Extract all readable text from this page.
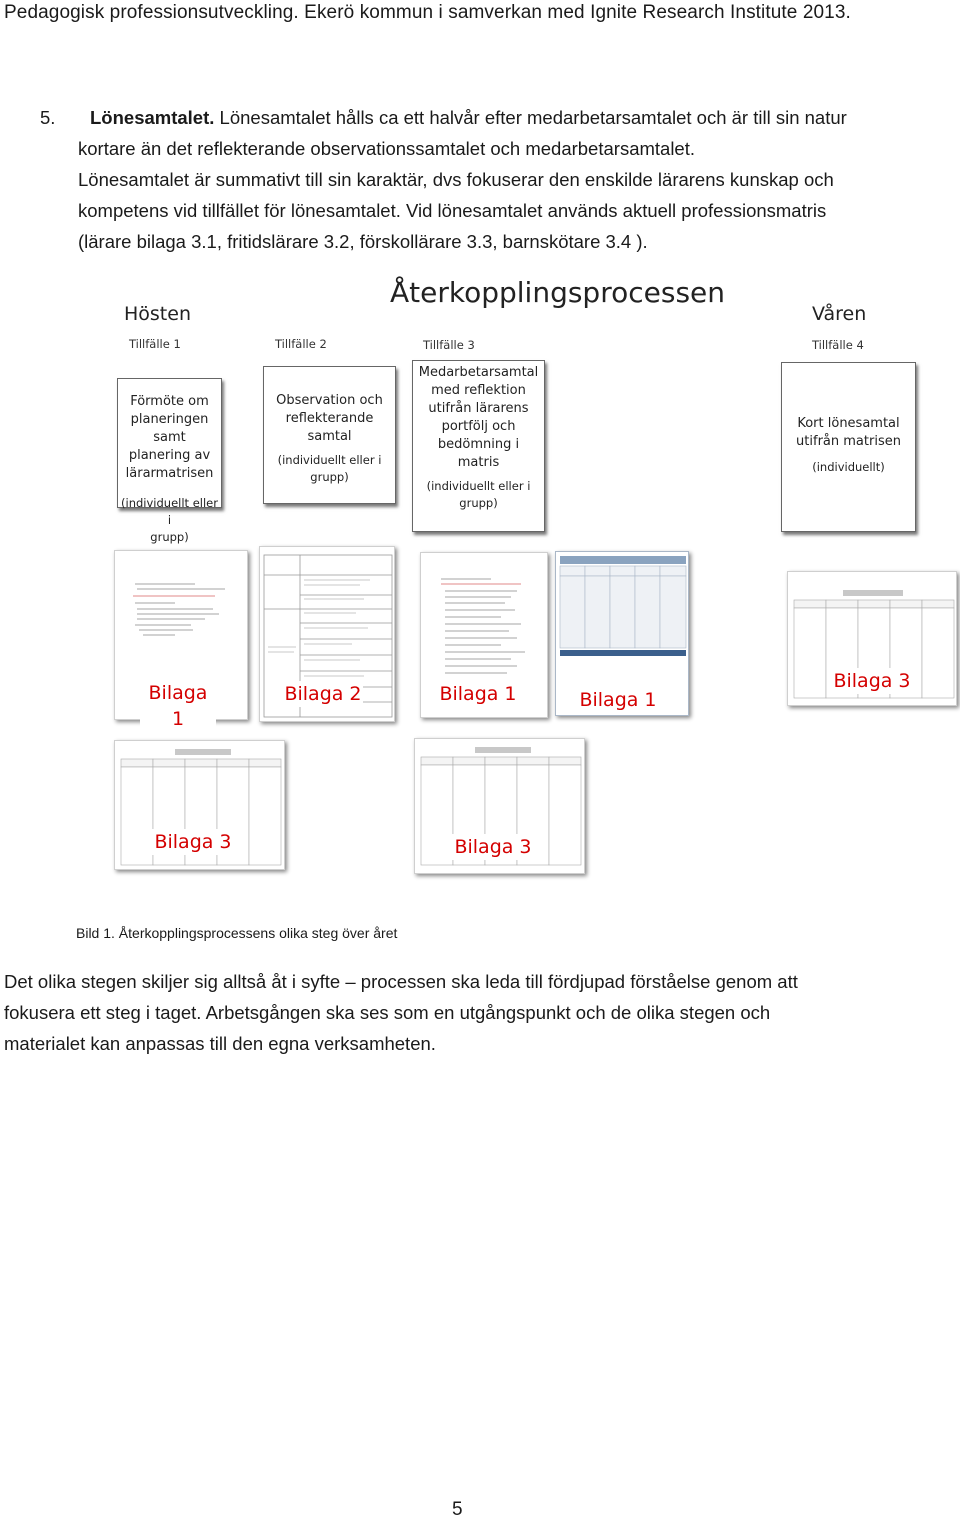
Pedagogisk professionsutveckling. Ekerö kommun i samverkan med Ignite Research Institute 2013.

5. Lönesamtalet. Lönesamtalet hålls ca ett halvår efter medarbetarsamtalet och är till sin natur

kortare än det reflekterande observationssamtalet och medarbetarsamtalet.

Lönesamtalet är summativt till sin karaktär, dvs fokuserar den enskilde lärarens kunskap och

kompetens vid tillfället för lönesamtalet. Vid lönesamtalet används aktuell professionsmatris

(lärare bilaga 3.1, fritidslärare 3.2, förskollärare 3.3, barnskötare 3.4 ).

Återkopplingsprocessen
Hösten	Våren
Tillfälle 1	Tillfälle 2	Tillfälle 3	Tillfälle 4
Förmöte om
planeringen samt
planering av
lärarmatrisen
(individuellt eller i
grupp)
Observation och
reflekterande
samtal
(individuellt eller i
grupp)
Medarbetarsamtal
med reflektion
utifrån lärarens
portfölj och
bedömning i
matris
(individuellt eller i
grupp)
Kort lönesamtal
utifrån matrisen
(individuellt)
Bilaga 1
Bilaga 2	Bilaga 1	Bilaga 1
Bilaga 3
Bilaga 3	Bilaga 3
Bild 1. Återkopplingsprocessens olika steg över året
Det olika stegen skiljer sig alltså åt i syfte – processen ska leda till fördjupad förståelse genom att
fokusera ett steg i taget. Arbetsgången ska ses som en utgångspunkt och de olika stegen och
materialet kan anpassas till den egna verksamheten.
5
